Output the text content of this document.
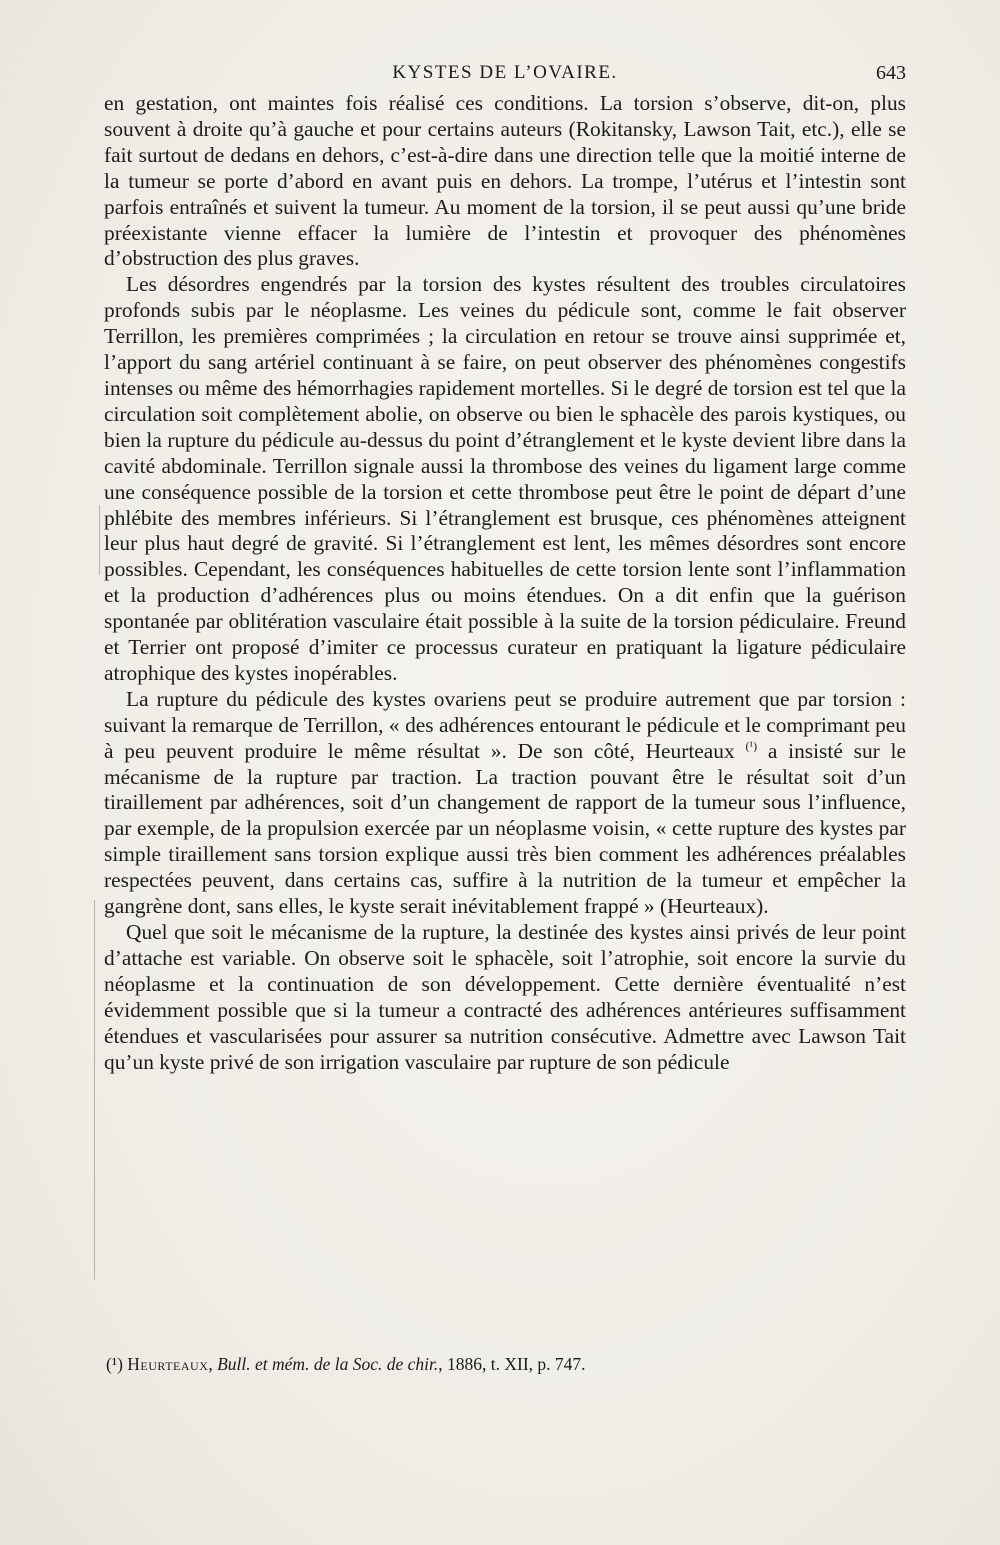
KYSTES DE L’OVAIRE.	643

en gestation, ont maintes fois réalisé ces conditions. La torsion s’observe, dit-on, plus souvent à droite qu’à gauche et pour certains auteurs (Rokitansky, Lawson Tait, etc.), elle se fait surtout de dedans en dehors, c’est-à-dire dans une direction telle que la moitié interne de la tumeur se porte d’abord en avant puis en dehors. La trompe, l’utérus et l’intestin sont parfois entraînés et suivent la tumeur. Au moment de la torsion, il se peut aussi qu’une bride préexistante vienne effacer la lumière de l’intestin et provoquer des phénomènes d’obstruction des plus graves.

Les désordres engendrés par la torsion des kystes résultent des troubles circulatoires profonds subis par le néoplasme. Les veines du pédicule sont, comme le fait observer Terrillon, les premières comprimées ; la circulation en retour se trouve ainsi supprimée et, l’apport du sang artériel continuant à se faire, on peut observer des phénomènes congestifs intenses ou même des hémorrhagies rapidement mortelles. Si le degré de torsion est tel que la circulation soit complètement abolie, on observe ou bien le sphacèle des parois kystiques, ou bien la rupture du pédicule au-dessus du point d’étranglement et le kyste devient libre dans la cavité abdominale. Terrillon signale aussi la thrombose des veines du ligament large comme une conséquence possible de la torsion et cette thrombose peut être le point de départ d’une phlébite des membres inférieurs. Si l’étranglement est brusque, ces phénomènes atteignent leur plus haut degré de gravité. Si l’étranglement est lent, les mêmes désordres sont encore possibles. Cependant, les conséquences habituelles de cette torsion lente sont l’inflammation et la production d’adhérences plus ou moins étendues. On a dit enfin que la guérison spontanée par oblitération vasculaire était possible à la suite de la torsion pédiculaire. Freund et Terrier ont proposé d’imiter ce processus curateur en pratiquant la ligature pédiculaire atrophique des kystes inopérables.

La rupture du pédicule des kystes ovariens peut se produire autrement que par torsion : suivant la remarque de Terrillon, « des adhérences entourant le pédicule et le comprimant peu à peu peuvent produire le même résultat ». De son côté, Heurteaux $^{(^1)}$ a insisté sur le mécanisme de la rupture par traction. La traction pouvant être le résultat soit d’un tiraillement par adhérences, soit d’un changement de rapport de la tumeur sous l’influence, par exemple, de la propulsion exercée par un néoplasme voisin, « cette rupture des kystes par simple tiraillement sans torsion explique aussi très bien comment les adhérences préalables respectées peuvent, dans certains cas, suffire à la nutrition de la tumeur et empêcher la gangrène dont, sans elles, le kyste serait inévitablement frappé » (Heurteaux).

Quel que soit le mécanisme de la rupture, la destinée des kystes ainsi privés de leur point d’attache est variable. On observe soit le sphacèle, soit l’atrophie, soit encore la survie du néoplasme et la continuation de son développement. Cette dernière éventualité n’est évidemment possible que si la tumeur a contracté des adhérences antérieures suffisamment étendues et vascularisées pour assurer sa nutrition consécutive. Admettre avec Lawson Tait qu’un kyste privé de son irrigation vasculaire par rupture de son pédicule

(¹) Heurteaux, Bull. et mém. de la Soc. de chir., 1886, t. XII, p. 747.
